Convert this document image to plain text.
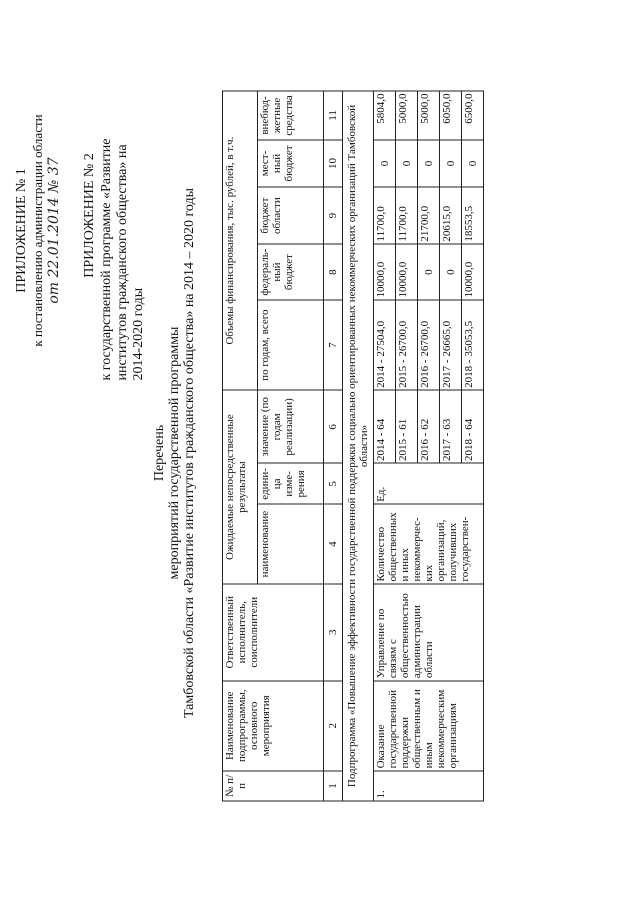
ПРИЛОЖЕНИЕ № 1 к постановлению администрации области от 22.01.2014 № 37 ПРИЛОЖЕНИЕ № 2 к государственной программе «Развитие институтов гражданского общества» на 2014-2020 годы
Перечень мероприятий государственной программы Тамбовской области «Развитие институтов гражданского общества» на 2014 – 2020 годы
№ п/п	Наименование подпрограммы, основного мероприятия	Ответственный исполнитель, соисполнители	Ожидаемые непосредственные результаты			Объемы финансирования, тыс. рублей, в т.ч.				
			наименование	едини-ца изме-рения	значение (по годам реализации)	по годам, всего	федераль-ный бюджет	бюджет области	мест-ный бюджет	внебюд-жетные средства
1	2	3	4	5	6	7	8	9	10	11
Подпрограмма «Повышение эффективности государственной поддержки социально ориентированных некоммерческих организаций Тамбовской области»										
1.	Оказание государственной поддержки общественным и иным некоммерческим организациям	Управление по связям с общественностью администрации области	Количество общественных и иных некоммерчес-ких организаций, получивших государствен-	Ед.	2014 - 64	2014 - 27504,0	10000,0	11700,0	0	5804,0
					2015 - 61	2015 - 26700,0	10000,0	11700,0	0	5000,0
					2016 - 62	2016 - 26700,0	0	21700,0	0	5000,0
					2017 - 63	2017 - 26665,0	0	20615,0	0	6050,0
					2018 - 64	2018 - 35053,5	10000,0	18553,5	0	6500,0
